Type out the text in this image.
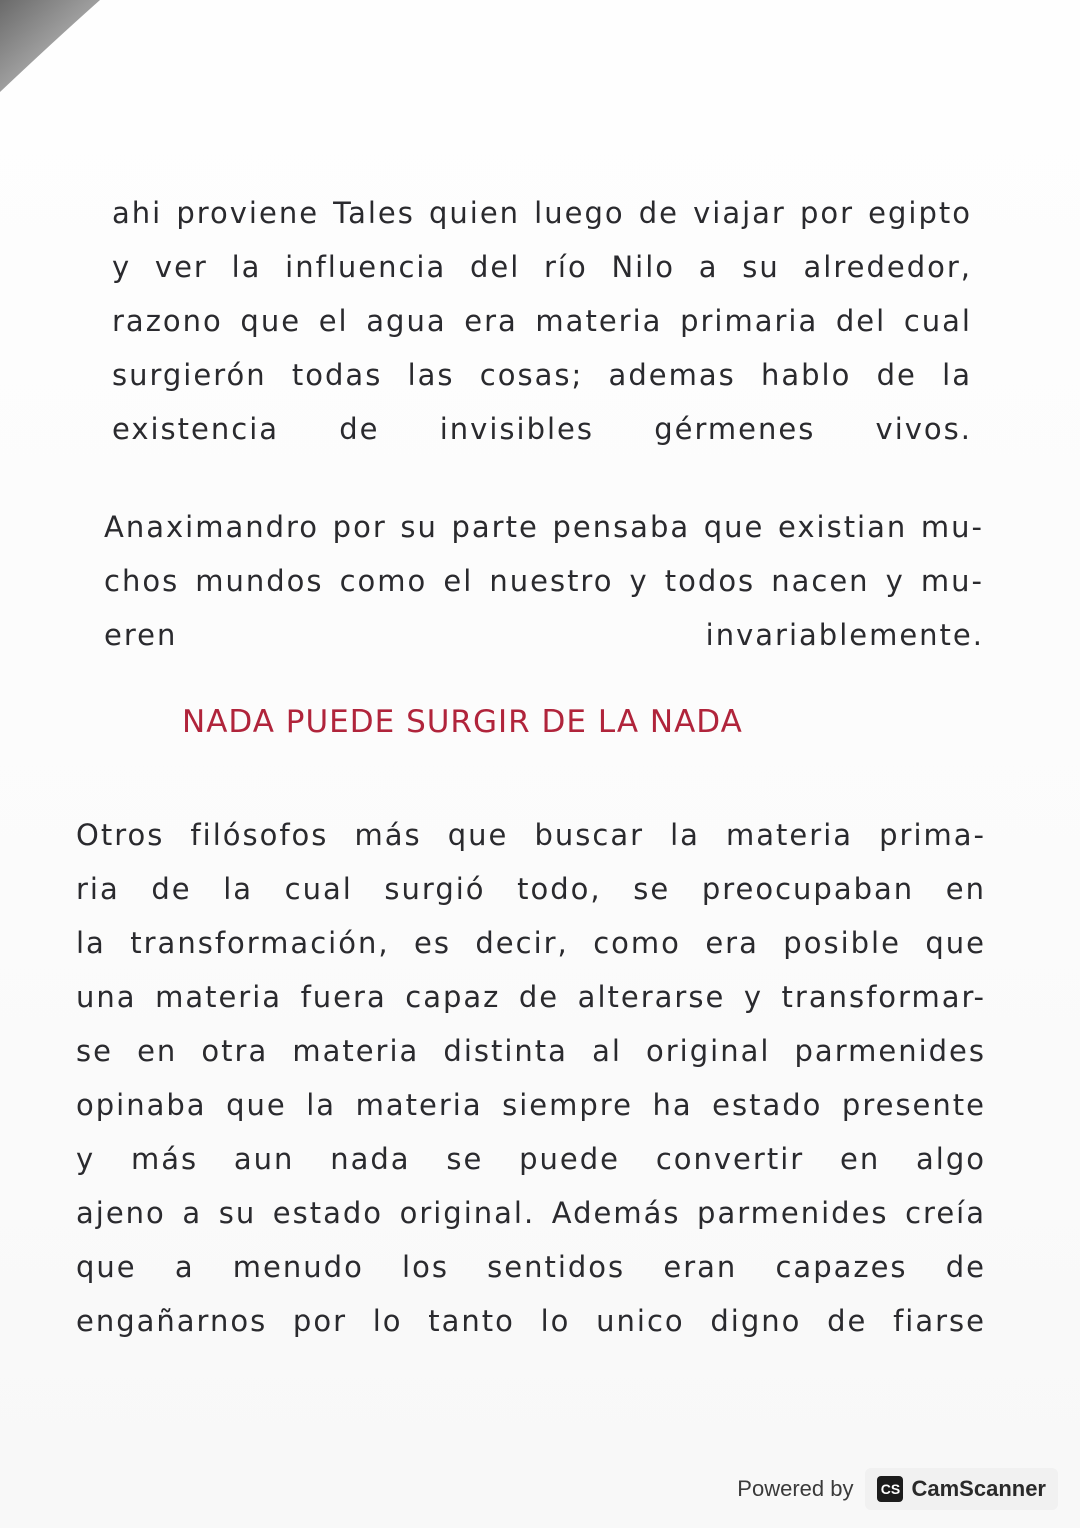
ahi proviene Tales quien luego de viajar por egipto
y ver la influencia del río Nilo a su alrededor,
razono que el agua era materia primaria del cual
surgierón todas las cosas; ademas hablo de la
existencia de invisibles gérmenes vivos.
Anaximandro por su parte pensaba que existian mu-
chos mundos como el nuestro y todos nacen y mu-
eren invariablemente.
NADA PUEDE SURGIR DE LA NADA
Otros filósofos más que buscar la materia prima-
ria de la cual surgió todo, se preocupaban en
la transformación, es decir, como era posible que
una materia fuera capaz de alterarse y transformar-
se en otra materia distinta al original parmenides
opinaba que la materia siempre ha estado presente
y más aun nada se puede convertir en algo
ajeno a su estado original. Además parmenides creía
que a menudo los sentidos eran capazes de
engañarnos por lo tanto lo unico digno de fiarse
Powered by CS CamScanner
